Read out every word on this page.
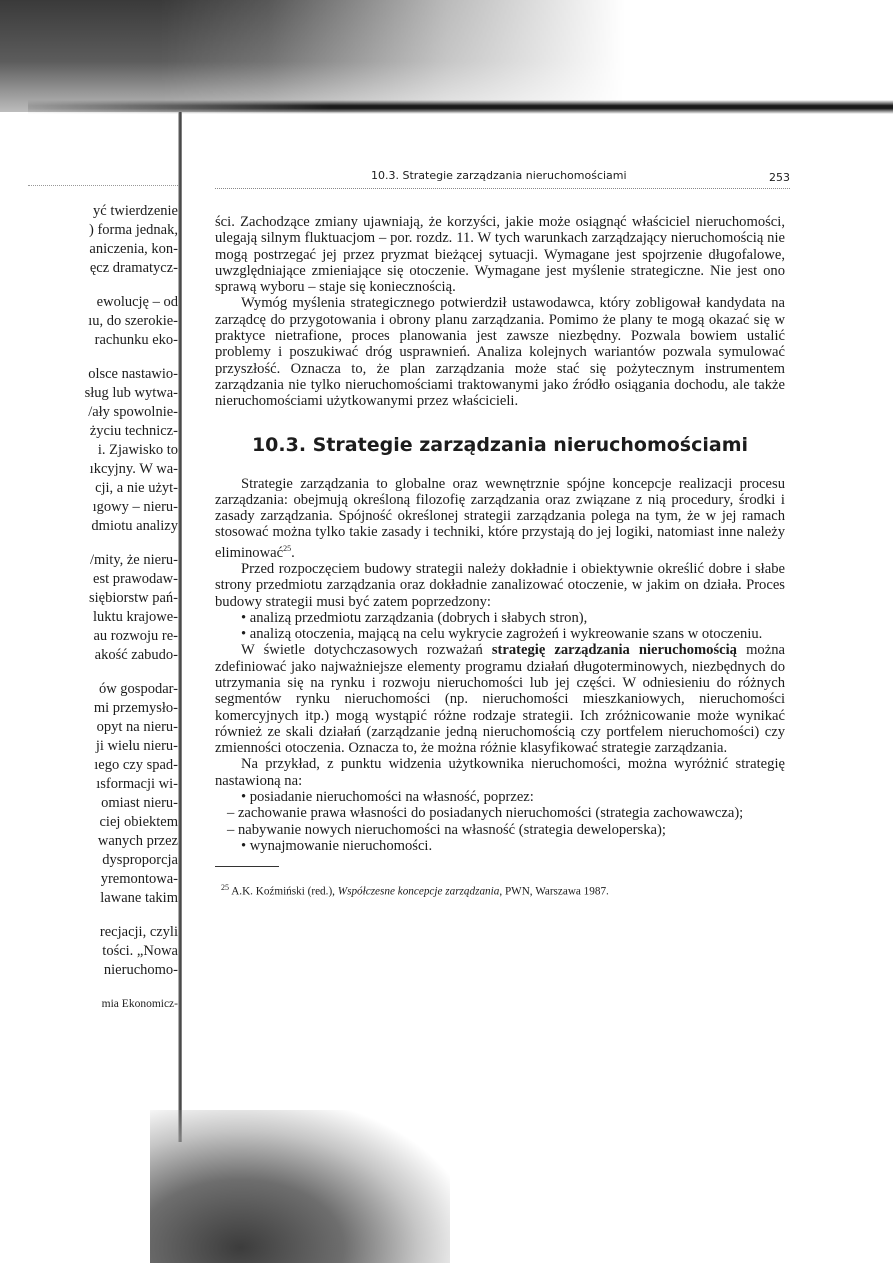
yć twierdzenie
) forma jednak,
aniczenia, kon-
ęcz dramatycz-
ewolucję – od
ıu, do szerokie-
rachunku eko-
olsce nastawio-
sług lub wytwa-
/ały spowolnie-
życiu technicz-
i. Zjawisko to
ıkcyjny. W wa-
cji, a nie użyt-
ıgowy – nieru-
dmiotu analizy
/mity, że nieru-
est prawodaw-
siębiorstw pań-
luktu krajowe-
au rozwoju re-
akość zabudo-
ów gospodar-
mi przemysło-
opyt na nieru-
ji wielu nieru-
ıego czy spad-
ısformacji wi-
omiast nieru-
ciej obiektem
wanych przez
dysproporcja
yremontowa-
lawane takim
recjacji, czyli
tości. „Nowa
nieruchomo-
mia Ekonomicz-
10.3. Strategie zarządzania nieruchomościami	253

ści. Zachodzące zmiany ujawniają, że korzyści, jakie może osiągnąć właściciel nieruchomości, ulegają silnym fluktuacjom – por. rozdz. 11. W tych warunkach zarządzający nieruchomością nie mogą postrzegać jej przez pryzmat bieżącej sytuacji. Wymagane jest spojrzenie długofalowe, uwzględniające zmieniające się otoczenie. Wymagane jest myślenie strategiczne. Nie jest ono sprawą wyboru – staje się koniecznością.

Wymóg myślenia strategicznego potwierdził ustawodawca, który zobligował kandydata na zarządcę do przygotowania i obrony planu zarządzania. Pomimo że plany te mogą okazać się w praktyce nietrafione, proces planowania jest zawsze niezbędny. Pozwala bowiem ustalić problemy i poszukiwać dróg usprawnień. Analiza kolejnych wariantów pozwala symulować przyszłość. Oznacza to, że plan zarządzania może stać się pożytecznym instrumentem zarządzania nie tylko nieruchomościami traktowanymi jako źródło osiągania dochodu, ale także nieruchomościami użytkowanymi przez właścicieli.

10.3. Strategie zarządzania nieruchomościami

Strategie zarządzania to globalne oraz wewnętrznie spójne koncepcje realizacji procesu zarządzania: obejmują określoną filozofię zarządzania oraz związane z nią procedury, środki i zasady zarządzania. Spójność określonej strategii zarządzania polega na tym, że w jej ramach stosować można tylko takie zasady i techniki, które przystają do jej logiki, natomiast inne należy eliminować$^{25}$.

Przed rozpoczęciem budowy strategii należy dokładnie i obiektywnie określić dobre i słabe strony przedmiotu zarządzania oraz dokładnie zanalizować otoczenie, w jakim on działa. Proces budowy strategii musi być zatem poprzedzony:

• analizą przedmiotu zarządzania (dobrych i słabych stron),

• analizą otoczenia, mającą na celu wykrycie zagrożeń i wykreowanie szans w otoczeniu.

W świetle dotychczasowych rozważań strategię zarządzania nieruchomością można zdefiniować jako najważniejsze elementy programu działań długoterminowych, niezbędnych do utrzymania się na rynku i rozwoju nieruchomości lub jej części. W odniesieniu do różnych segmentów rynku nieruchomości (np. nieruchomości mieszkaniowych, nieruchomości komercyjnych itp.) mogą wystąpić różne rodzaje strategii. Ich zróżnicowanie może wynikać również ze skali działań (zarządzanie jedną nieruchomością czy portfelem nieruchomości) czy zmienności otoczenia. Oznacza to, że można różnie klasyfikować strategie zarządzania.

Na przykład, z punktu widzenia użytkownika nieruchomości, można wyróżnić strategię nastawioną na:

• posiadanie nieruchomości na własność, poprzez:

– zachowanie prawa własności do posiadanych nieruchomości (strategia zachowawcza);

– nabywanie nowych nieruchomości na własność (strategia deweloperska);

• wynajmowanie nieruchomości.

$^{25}$ A.K. Koźmiński (red.), Współczesne koncepcje zarządzania, PWN, Warszawa 1987.
